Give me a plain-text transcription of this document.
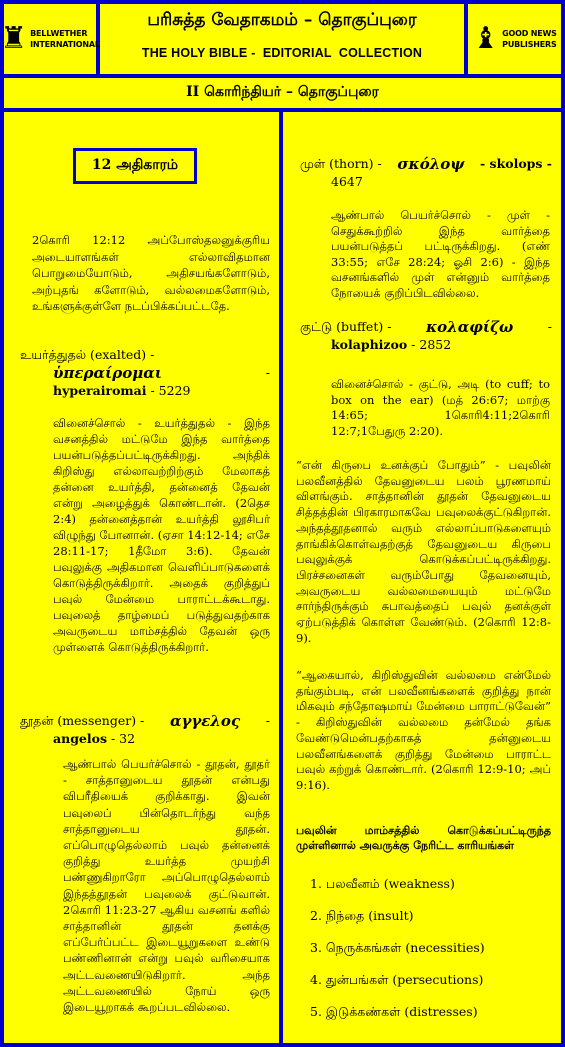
♜ BELLWETHER
INTERNATIONAL
பரிசுத்த வேதாகமம் – தொகுப்புரை
THE HOLY BIBLE -  EDITORIAL  COLLECTION	♝ GOOD NEWS
PUBLISHERS
II கொரிந்தியர் – தொகுப்புரை
12 அதிகாரம்

2கொரி 12:12 அப்போஸ்தலனுக்குரிய அடையாளங்கள் எல்லாவிதமான பொறுமையோடும், அதிசயங்களோடும், அற்புதங் களோடும், வல்லமைகளோடும், உங்களுக்குள்ளே நடப்பிக்கப்பட்டதே.

உயர்த்துதல் (exalted) -
ὑπεραίρομαι	-
hyperairomai - 5229

வினைச்சொல் - உயர்த்துதல் - இந்த வசனத்தில் மட்டுமே இந்த வார்த்தை பயன்படுத்தப்பட்டிருக்கிறது. அந்திக் கிறிஸ்து எல்லாவற்றிற்கும் மேலாகத் தன்னை உயர்த்தி, தன்னைத் தேவன் என்று அழைத்துக் கொண்டான். (2தெச 2:4) தன்னைத்தான் உயர்த்தி லூசிபர் விழுந்து போனான். (ஏசா 14:12-14; எசே 28:11-17; 1தீமோ 3:6). தேவன் பவுலுக்கு அதிகமான வெளிப்பாடுகளைக் கொடுத்திருக்கிறார். அதைக் குறித்துப் பவுல் மேன்மை பாராட்டக்கூடாது. பவுலைத் தாழ்மைப் படுத்துவதற்காக அவருடைய மாம்சத்தில் தேவன் ஒரு முள்ளைக் கொடுத்திருக்கிறார்.

தூதன் (messenger) - αγγελος -
angelos - 32

ஆண்பால் பெயர்ச்சொல் - தூதன், தூதர் - சாத்தானுடைய தூதன் என்பது விபரீதியைக் குறிக்காது. இவன் பவுலைப் பின்தொடர்ந்து வந்த சாத்தானுடைய தூதன். எப்பொழுதெல்லாம் பவுல் தன்னைக் குறித்து உயர்த்த முயற்சி பண்ணுகிறாரோ அப்பொழுதெல்லாம் இந்தத்தூதன் பவுலைக் குட்டுவான். 2கொரி 11:23-27 ஆகிய வசனங் களில் சாத்தானின் தூதன் தனக்கு எப்பேர்ப்பட்ட இடையூறுகளை உண்டு பண்ணினான் என்று பவுல் வரிசையாக அட்டவணையிடுகிறார். அந்த அட்டவணையில் நோய் ஒரு இடையூறாகக் கூறப்படவில்லை.

முள் (thorn) - σκόλοψ - skolops -
4647

ஆண்பால் பெயர்ச்சொல் - முள் - செதுக்கூற்றில் இந்த வார்த்தை பயன்படுத்தப் பட்டிருக்கிறது. (எண் 33:55; எசே 28:24; ஓசி 2:6) - இந்த வசனங்களில் முள் என்னும் வார்த்தை நோயைக் குறிப்பிடவில்லை.

குட்டு (buffet) - κολαφίζω	-
kolaphizoo - 2852

வினைச்சொல் - குட்டு, அடி (to cuff; to box on the ear) (மத் 26:67; மாற்கு 14:65; 1கொரி4:11;2கொரி 12:7;1பேதுரு 2:20).

“என் கிருபை உனக்குப் போதும்” - பவுலின் பலவீனத்தில் தேவனுடைய பலம் பூரணமாய் விளங்கும். சாத்தானின் தூதன் தேவனுடைய சித்தத்தின் பிரகாரமாகவே பவுலைக்குட்டுகிறான். அந்தத்தூதனால் வரும் எல்லாப்பாடுகளையும் தாங்கிக்கொள்வதற்குத் தேவனுடைய கிருபை பவுலுக்குக் கொடுக்கப்பட்டிருக்கிறது. பிரச்சனைகள் வரும்போது தேவனையும், அவருடைய வல்லமையையும் மட்டுமே சார்ந்திருக்கும் சுபாவத்தைப் பவுல் தனக்குள் ஏற்படுத்திக் கொள்ள வேண்டும். (2கொரி 12:8-9).

“ஆகையால், கிறிஸ்துவின் வல்லமை என்மேல் தங்கும்படி, என் பலவீனங்களைக் குறித்து நான் மிகவும் சந்தோஷமாய் மேன்மை பாராட்டுவேன்” - கிறிஸ்துவின் வல்லமை தன்மேல் தங்க வேண்டுமென்பதற்காகத் தன்னுடைய பலவீனங்களைக் குறித்து மேன்மை பாராட்ட பவுல் கற்றுக் கொண்டார். (2கொரி 12:9-10; அப் 9:16).

பவுலின் மாம்சத்தில் கொடுக்கப்பட்டிருந்த முள்ளினால் அவருக்கு நேரிட்ட காரியங்கள்

1. பலவீனம் (weakness)
2. நிந்தை (insult)
3. நெருக்கங்கள் (necessities)
4. துன்பங்கள் (persecutions)
5. இடுக்கண்கள் (distresses)
